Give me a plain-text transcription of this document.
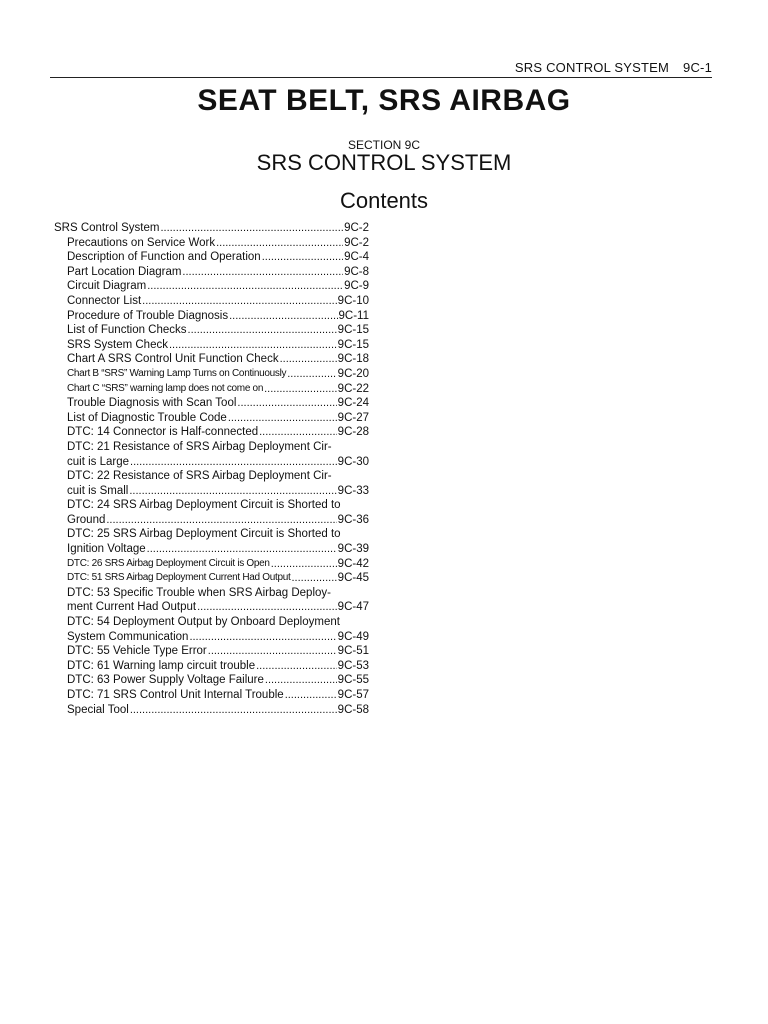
SRS CONTROL SYSTEM 9C-1
SEAT BELT, SRS AIRBAG
SECTION 9C
SRS CONTROL SYSTEM
Contents
SRS Control System .....	9C-2
Precautions on Service Work .....	9C-2
Description of Function and Operation .....	9C-4
Part Location Diagram .....	9C-8
Circuit Diagram .....	9C-9
Connector List .....	9C-10
Procedure of Trouble Diagnosis .....	9C-11
List of Function Checks .....	9C-15
SRS System Check .....	9C-15
Chart A SRS Control Unit Function Check .....	9C-18
Chart B “SRS” Warning Lamp Turns on Continuously .....	9C-20
Chart C “SRS” warning lamp does not come on .....	9C-22
Trouble Diagnosis with Scan Tool .....	9C-24
List of Diagnostic Trouble Code .....	9C-27
DTC: 14 Connector is Half-connected .....	9C-28
DTC: 21 Resistance of SRS Airbag Deployment Cir-
cuit is Large .....	9C-30
DTC: 22 Resistance of SRS Airbag Deployment Cir-
cuit is Small .....	9C-33
DTC: 24 SRS Airbag Deployment Circuit is Shorted to
Ground .....	9C-36
DTC: 25 SRS Airbag Deployment Circuit is Shorted to
Ignition Voltage .....	9C-39
DTC: 26 SRS Airbag Deployment Circuit is Open .....	9C-42
DTC: 51 SRS Airbag Deployment Current Had Output .....	9C-45
DTC: 53 Specific Trouble when SRS Airbag Deploy-
ment Current Had Output .....	9C-47
DTC: 54 Deployment Output by Onboard Deployment
System Communication .....	9C-49
DTC: 55 Vehicle Type Error .....	9C-51
DTC: 61 Warning lamp circuit trouble .....	9C-53
DTC: 63 Power Supply Voltage Failure .....	9C-55
DTC: 71 SRS Control Unit Internal Trouble .....	9C-57
Special Tool .....	9C-58
